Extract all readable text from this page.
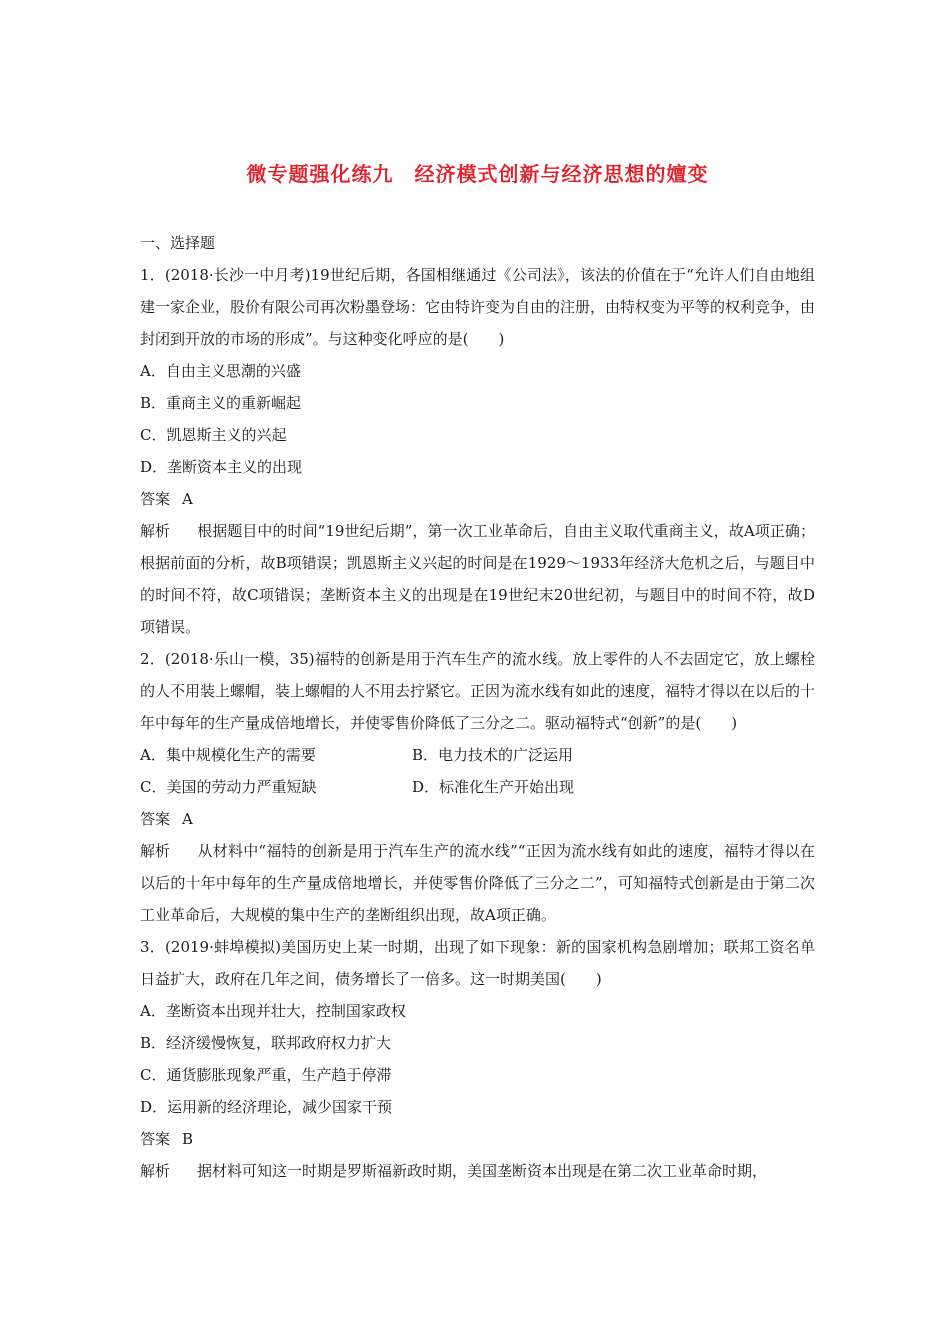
微专题强化练九　经济模式创新与经济思想的嬗变

一、选择题

1．(2018·长沙一中月考)19世纪后期，各国相继通过《公司法》，该法的价值在于“允许人们自由地组建一家企业，股价有限公司再次粉墨登场：它由特许变为自由的注册，由特权变为平等的权利竞争，由封闭到开放的市场的形成”。与这种变化呼应的是(　　)

A．自由主义思潮的兴盛

B．重商主义的重新崛起

C．凯恩斯主义的兴起

D．垄断资本主义的出现

答案 A

解析　 根据题目中的时间“19世纪后期”，第一次工业革命后，自由主义取代重商主义，故A项正确；根据前面的分析，故B项错误；凯恩斯主义兴起的时间是在1929～1933年经济大危机之后，与题目中的时间不符，故C项错误；垄断资本主义的出现是在19世纪末20世纪初，与题目中的时间不符，故D项错误。

2．(2018·乐山一模，35)福特的创新是用于汽车生产的流水线。放上零件的人不去固定它，放上螺栓的人不用装上螺帽，装上螺帽的人不用去拧紧它。正因为流水线有如此的速度，福特才得以在以后的十年中每年的生产量成倍地增长，并使零售价降低了三分之二。驱动福特式“创新”的是(　　)

A．集中规模化生产的需要	B．电力技术的广泛运用
C．美国的劳动力严重短缺	D．标准化生产开始出现

答案 A

解析　 从材料中“福特的创新是用于汽车生产的流水线”“正因为流水线有如此的速度，福特才得以在以后的十年中每年的生产量成倍地增长，并使零售价降低了三分之二”，可知福特式创新是由于第二次工业革命后，大规模的集中生产的垄断组织出现，故A项正确。

3．(2019·蚌埠模拟)美国历史上某一时期，出现了如下现象：新的国家机构急剧增加；联邦工资名单日益扩大，政府在几年之间，债务增长了一倍多。这一时期美国(　　)

A．垄断资本出现并壮大，控制国家政权

B．经济缓慢恢复，联邦政府权力扩大

C．通货膨胀现象严重，生产趋于停滞

D．运用新的经济理论，减少国家干预

答案 B

解析　 据材料可知这一时期是罗斯福新政时期，美国垄断资本出现是在第二次工业革命时期，
